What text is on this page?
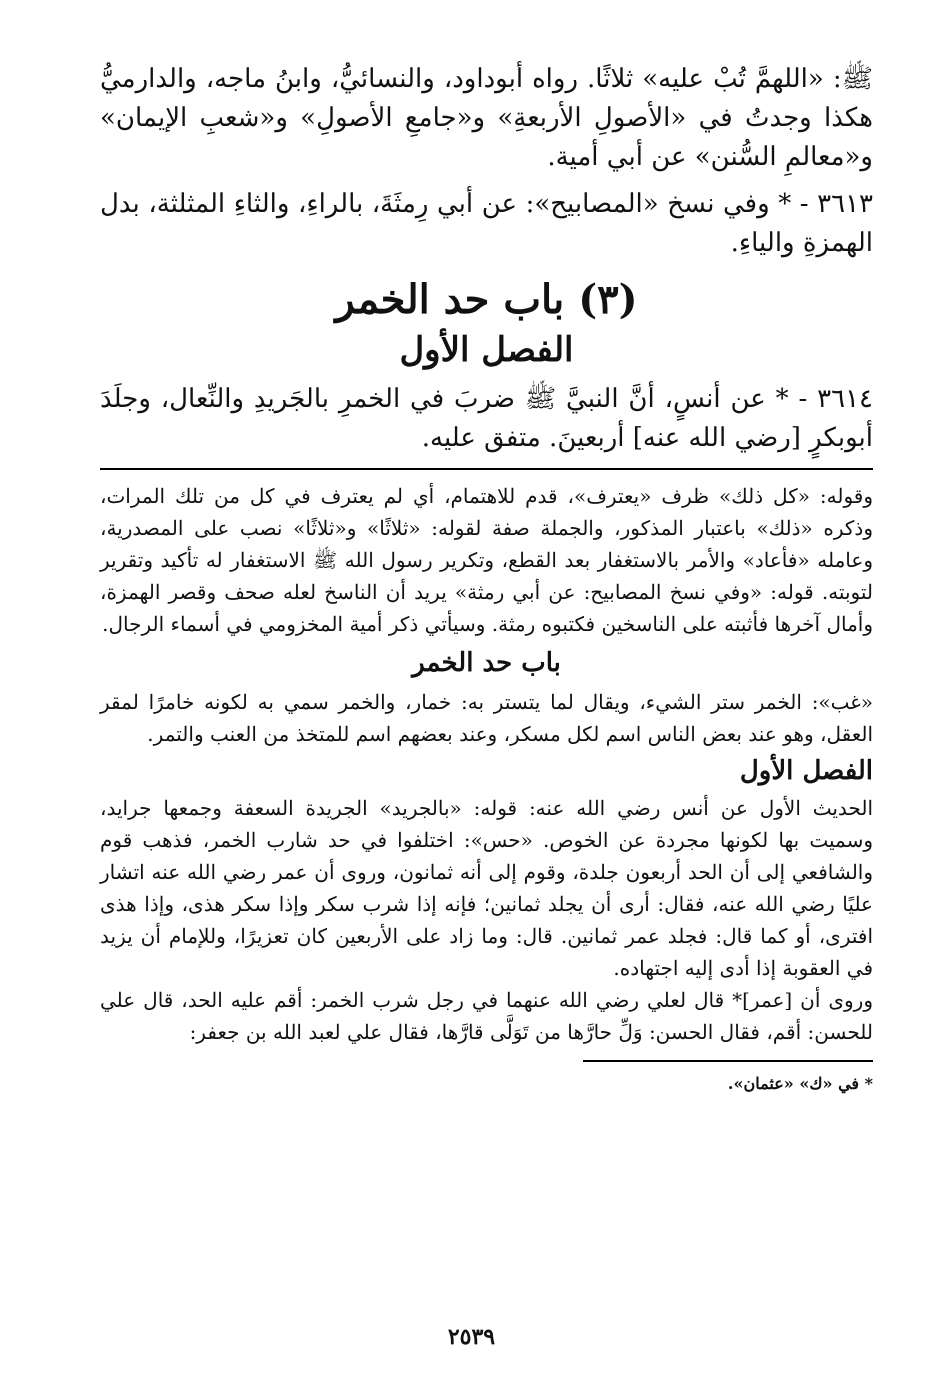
ﷺ: «اللهمَّ تُبْ عليه» ثلاثًا. رواه أبوداود، والنسائيُّ، وابنُ ماجه، والدارميُّ هكذا وجدتُ في «الأصولِ الأربعةِ» و«جامعِ الأصولِ» و«شعبِ الإيمان» و«معالمِ السُّنن» عن أبي أمية.

٣٦١٣ - * وفي نسخ «المصابيح»: عن أبي رِمثَةَ، بالراءِ، والثاءِ المثلثة، بدل الهمزةِ والياءِ.

(٣) باب حد الخمر
الفصل الأول

٣٦١٤ - * عن أنسٍ، أنَّ النبيَّ ﷺ ضربَ في الخمرِ بالجَريدِ والنِّعال، وجلَدَ أبوبكرٍ [رضي الله عنه] أربعينَ. متفق عليه.

وقوله: «كل ذلك» ظرف «يعترف»، قدم للاهتمام، أي لم يعترف في كل من تلك المرات، وذكره «ذلك» باعتبار المذكور، والجملة صفة لقوله: «ثلاثًا» و«ثلاثًا» نصب على المصدرية، وعامله «فأعاد» والأمر بالاستغفار بعد القطع، وتكرير رسول الله ﷺ الاستغفار له تأكيد وتقرير لتوبته. قوله: «وفي نسخ المصابيح: عن أبي رمثة» يريد أن الناسخ لعله صحف وقصر الهمزة، وأمال آخرها فأثبته على الناسخين فكتبوه رمثة. وسيأتي ذكر أمية المخزومي في أسماء الرجال.

باب حد الخمر

«غب»: الخمر ستر الشيء، ويقال لما يتستر به: خمار، والخمر سمي به لكونه خامرًا لمقر العقل، وهو عند بعض الناس اسم لكل مسكر، وعند بعضهم اسم للمتخذ من العنب والتمر.

الفصل الأول

الحديث الأول عن أنس رضي الله عنه: قوله: «بالجريد» الجريدة السعفة وجمعها جرايد، وسميت بها لكونها مجردة عن الخوص. «حس»: اختلفوا في حد شارب الخمر، فذهب قوم والشافعي إلى أن الحد أربعون جلدة، وقوم إلى أنه ثمانون، وروى أن عمر رضي الله عنه اتشار عليًا رضي الله عنه، فقال: أرى أن يجلد ثمانين؛ فإنه إذا شرب سكر وإذا سكر هذى، وإذا هذى افترى، أو كما قال: فجلد عمر ثمانين. قال: وما زاد على الأربعين كان تعزيرًا، وللإمام أن يزيد في العقوبة إذا أدى إليه اجتهاده.

وروى أن [عمر]* قال لعلي رضي الله عنهما في رجل شرب الخمر: أقم عليه الحد، قال علي للحسن: أقم، فقال الحسن: وَلِّ حارَّها من تَوَلَّى قارَّها، فقال علي لعبد الله بن جعفر:

* في «ك» «عثمان».

٢٥٣٩
